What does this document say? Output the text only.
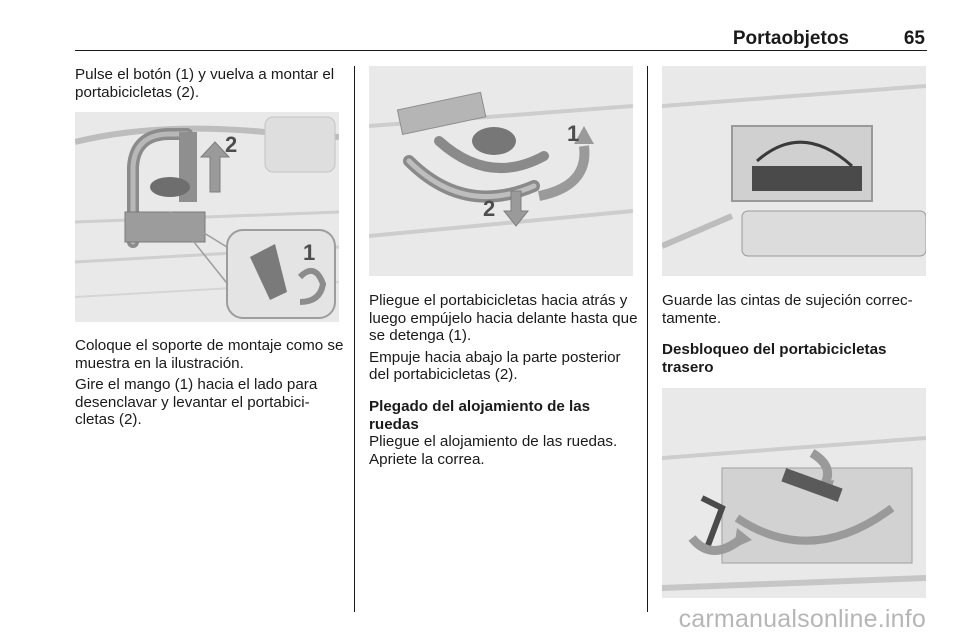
Portaobjetos	65

Pulse el botón (1) y vuelva a montar el portabicicletas (2).

2
1

Coloque el soporte de montaje como se muestra en la ilustración.

Gire el mango (1) hacia el lado para desenclavar y levantar el portabici-cletas (2).

1
2

Pliegue el portabicicletas hacia atrás y luego empújelo hacia delante hasta que se detenga (1).

Empuje hacia abajo la parte posterior del portabicicletas (2).

Plegado del alojamiento de las ruedas

Pliegue el alojamiento de las ruedas. Apriete la correa.

Guarde las cintas de sujeción correc-tamente.

Desbloqueo del portabicicletas trasero
carmanualsonline.info
